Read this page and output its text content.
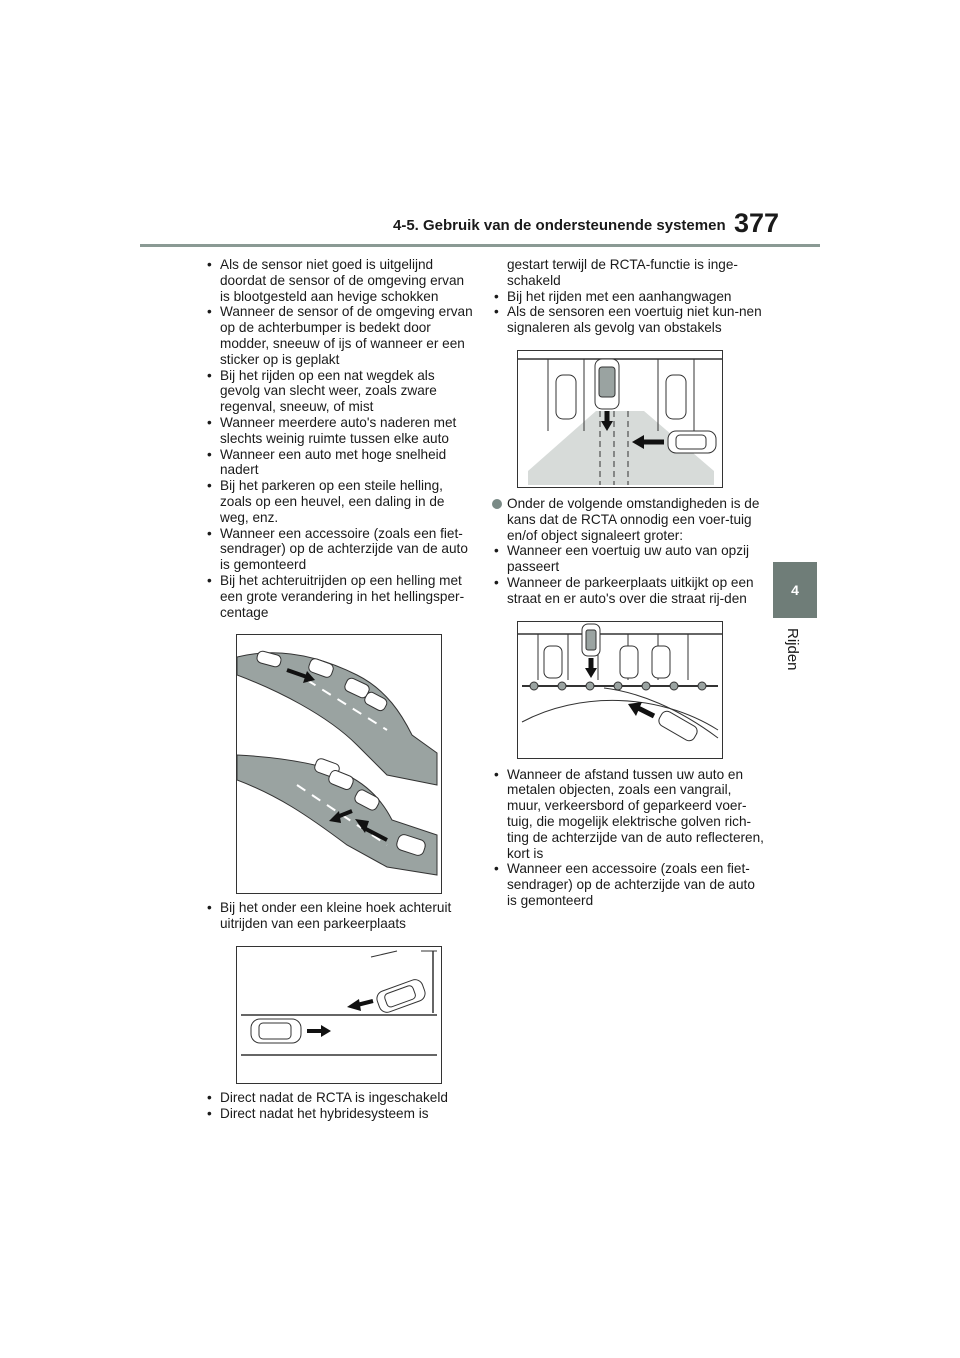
4-5. Gebruik van de ondersteunende systemen 377
4
Rijden

• Als de sensor niet goed is uitgelijnd doordat de sensor of de omgeving ervan is blootgesteld aan hevige schokken

• Wanneer de sensor of de omgeving ervan op de achterbumper is bedekt door modder, sneeuw of ijs of wanneer er een sticker op is geplakt

• Bij het rijden op een nat wegdek als gevolg van slecht weer, zoals zware regenval, sneeuw, of mist

• Wanneer meerdere auto's naderen met slechts weinig ruimte tussen elke auto

• Wanneer een auto met hoge snelheid nadert

• Bij het parkeren op een steile helling, zoals op een heuvel, een daling in de weg, enz.

• Wanneer een accessoire (zoals een fiet-sendrager) op de achterzijde van de auto is gemonteerd

• Bij het achteruitrijden op een helling met een grote verandering in het hellingsper-centage

• Bij het onder een kleine hoek achteruit uitrijden van een parkeerplaats

• Direct nadat de RCTA is ingeschakeld

• Direct nadat het hybridesysteem is

gestart terwijl de RCTA-functie is inge-schakeld

• Bij het rijden met een aanhangwagen

• Als de sensoren een voertuig niet kun-nen signaleren als gevolg van obstakels

Onder de volgende omstandigheden is de kans dat de RCTA onnodig een voer-tuig en/of object signaleert groter:

• Wanneer een voertuig uw auto van opzij passeert

• Wanneer de parkeerplaats uitkijkt op een straat en er auto's over die straat rij-den

• Wanneer de afstand tussen uw auto en metalen objecten, zoals een vangrail, muur, verkeersbord of geparkeerd voer-tuig, die mogelijk elektrische golven rich-ting de achterzijde van de auto reflecteren, kort is

• Wanneer een accessoire (zoals een fiet-sendrager) op de achterzijde van de auto is gemonteerd
